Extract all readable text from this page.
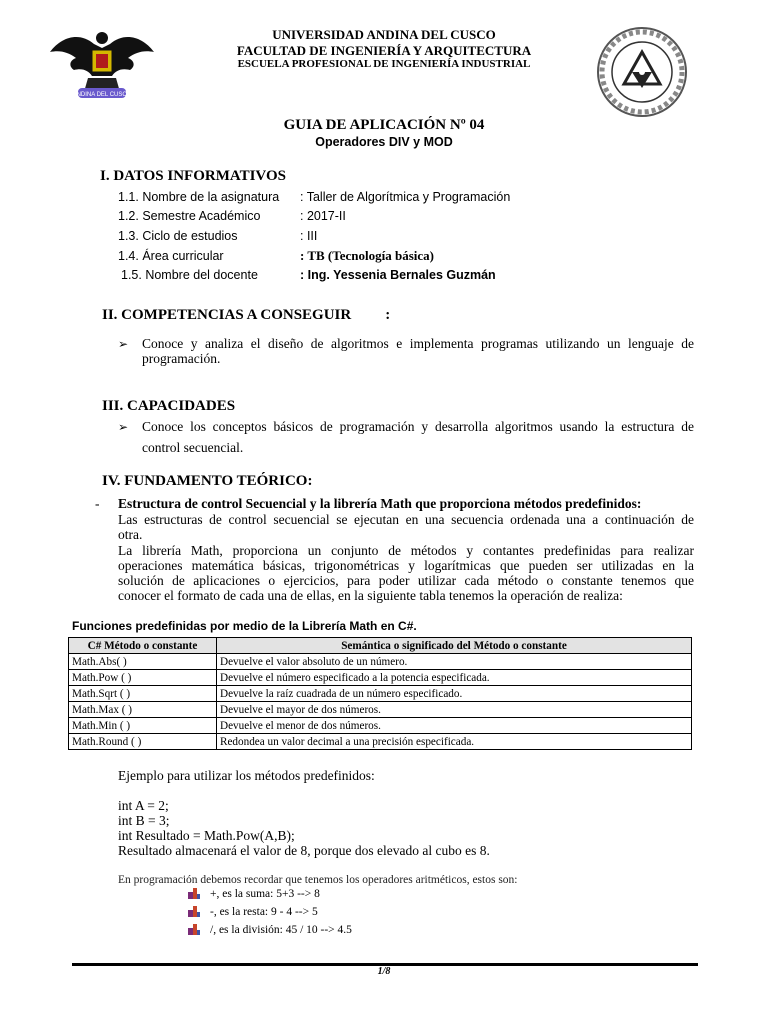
ANDINA DEL CUSCO
UNIVERSIDAD ANDINA DEL CUSCO
FACULTAD DE INGENIERÍA Y ARQUITECTURA
ESCUELA PROFESIONAL DE INGENIERÍA INDUSTRIAL
GUIA DE APLICACIÓN Nº 04
Operadores DIV y MOD
I. DATOS INFORMATIVOS
1.1. Nombre de la asignatura : Taller de Algorítmica y Programación
1.2. Semestre Académico	: 2017-II
1.3. Ciclo de estudios	: III
1.4. Área curricular	: TB (Tecnología básica)
1.5. Nombre del docente	: Ing. Yessenia Bernales Guzmán
II. COMPETENCIAS A CONSEGUIR :
➢ Conoce y analiza el diseño de algoritmos e implementa programas utilizando un lenguaje de
programación.
III. CAPACIDADES
➢ Conoce los conceptos básicos de programación y desarrolla algoritmos usando la estructura de
control secuencial.
IV. FUNDAMENTO TEÓRICO:
- Estructura de control Secuencial y la librería Math que proporciona métodos predefinidos:
Las estructuras de control secuencial se ejecutan en una secuencia ordenada una a continuación de
otra.
La librería Math, proporciona un conjunto de métodos y contantes predefinidas para realizar
operaciones matemática básicas, trigonométricas y logarítmicas que pueden ser utilizadas en la
solución de aplicaciones o ejercicios, para poder utilizar cada método o constante tenemos que
conocer el formato de cada una de ellas, en la siguiente tabla tenemos la operación de realiza:
Funciones predefinidas por medio de la Librería Math en C#.
C# Método o constante	Semántica o significado del Método o constante
Math.Abs( )	Devuelve el valor absoluto de un número.
Math.Pow ( )	Devuelve el número especificado a la potencia especificada.
Math.Sqrt ( )	Devuelve la raíz cuadrada de un número especificado.
Math.Max ( )	Devuelve el mayor de dos números.
Math.Min ( )	Devuelve el menor de dos números.
Math.Round ( )	Redondea un valor decimal a una precisión especificada.
Ejemplo para utilizar los métodos predefinidos:
int A = 2;
int B = 3;
int Resultado = Math.Pow(A,B);
Resultado almacenará el valor de 8, porque dos elevado al cubo es 8.
En programación debemos recordar que tenemos los operadores aritméticos, estos son:
+, es la suma: 5+3 --> 8
-, es la resta: 9 - 4 --> 5
/, es la división: 45 / 10 --> 4.5
1/8
